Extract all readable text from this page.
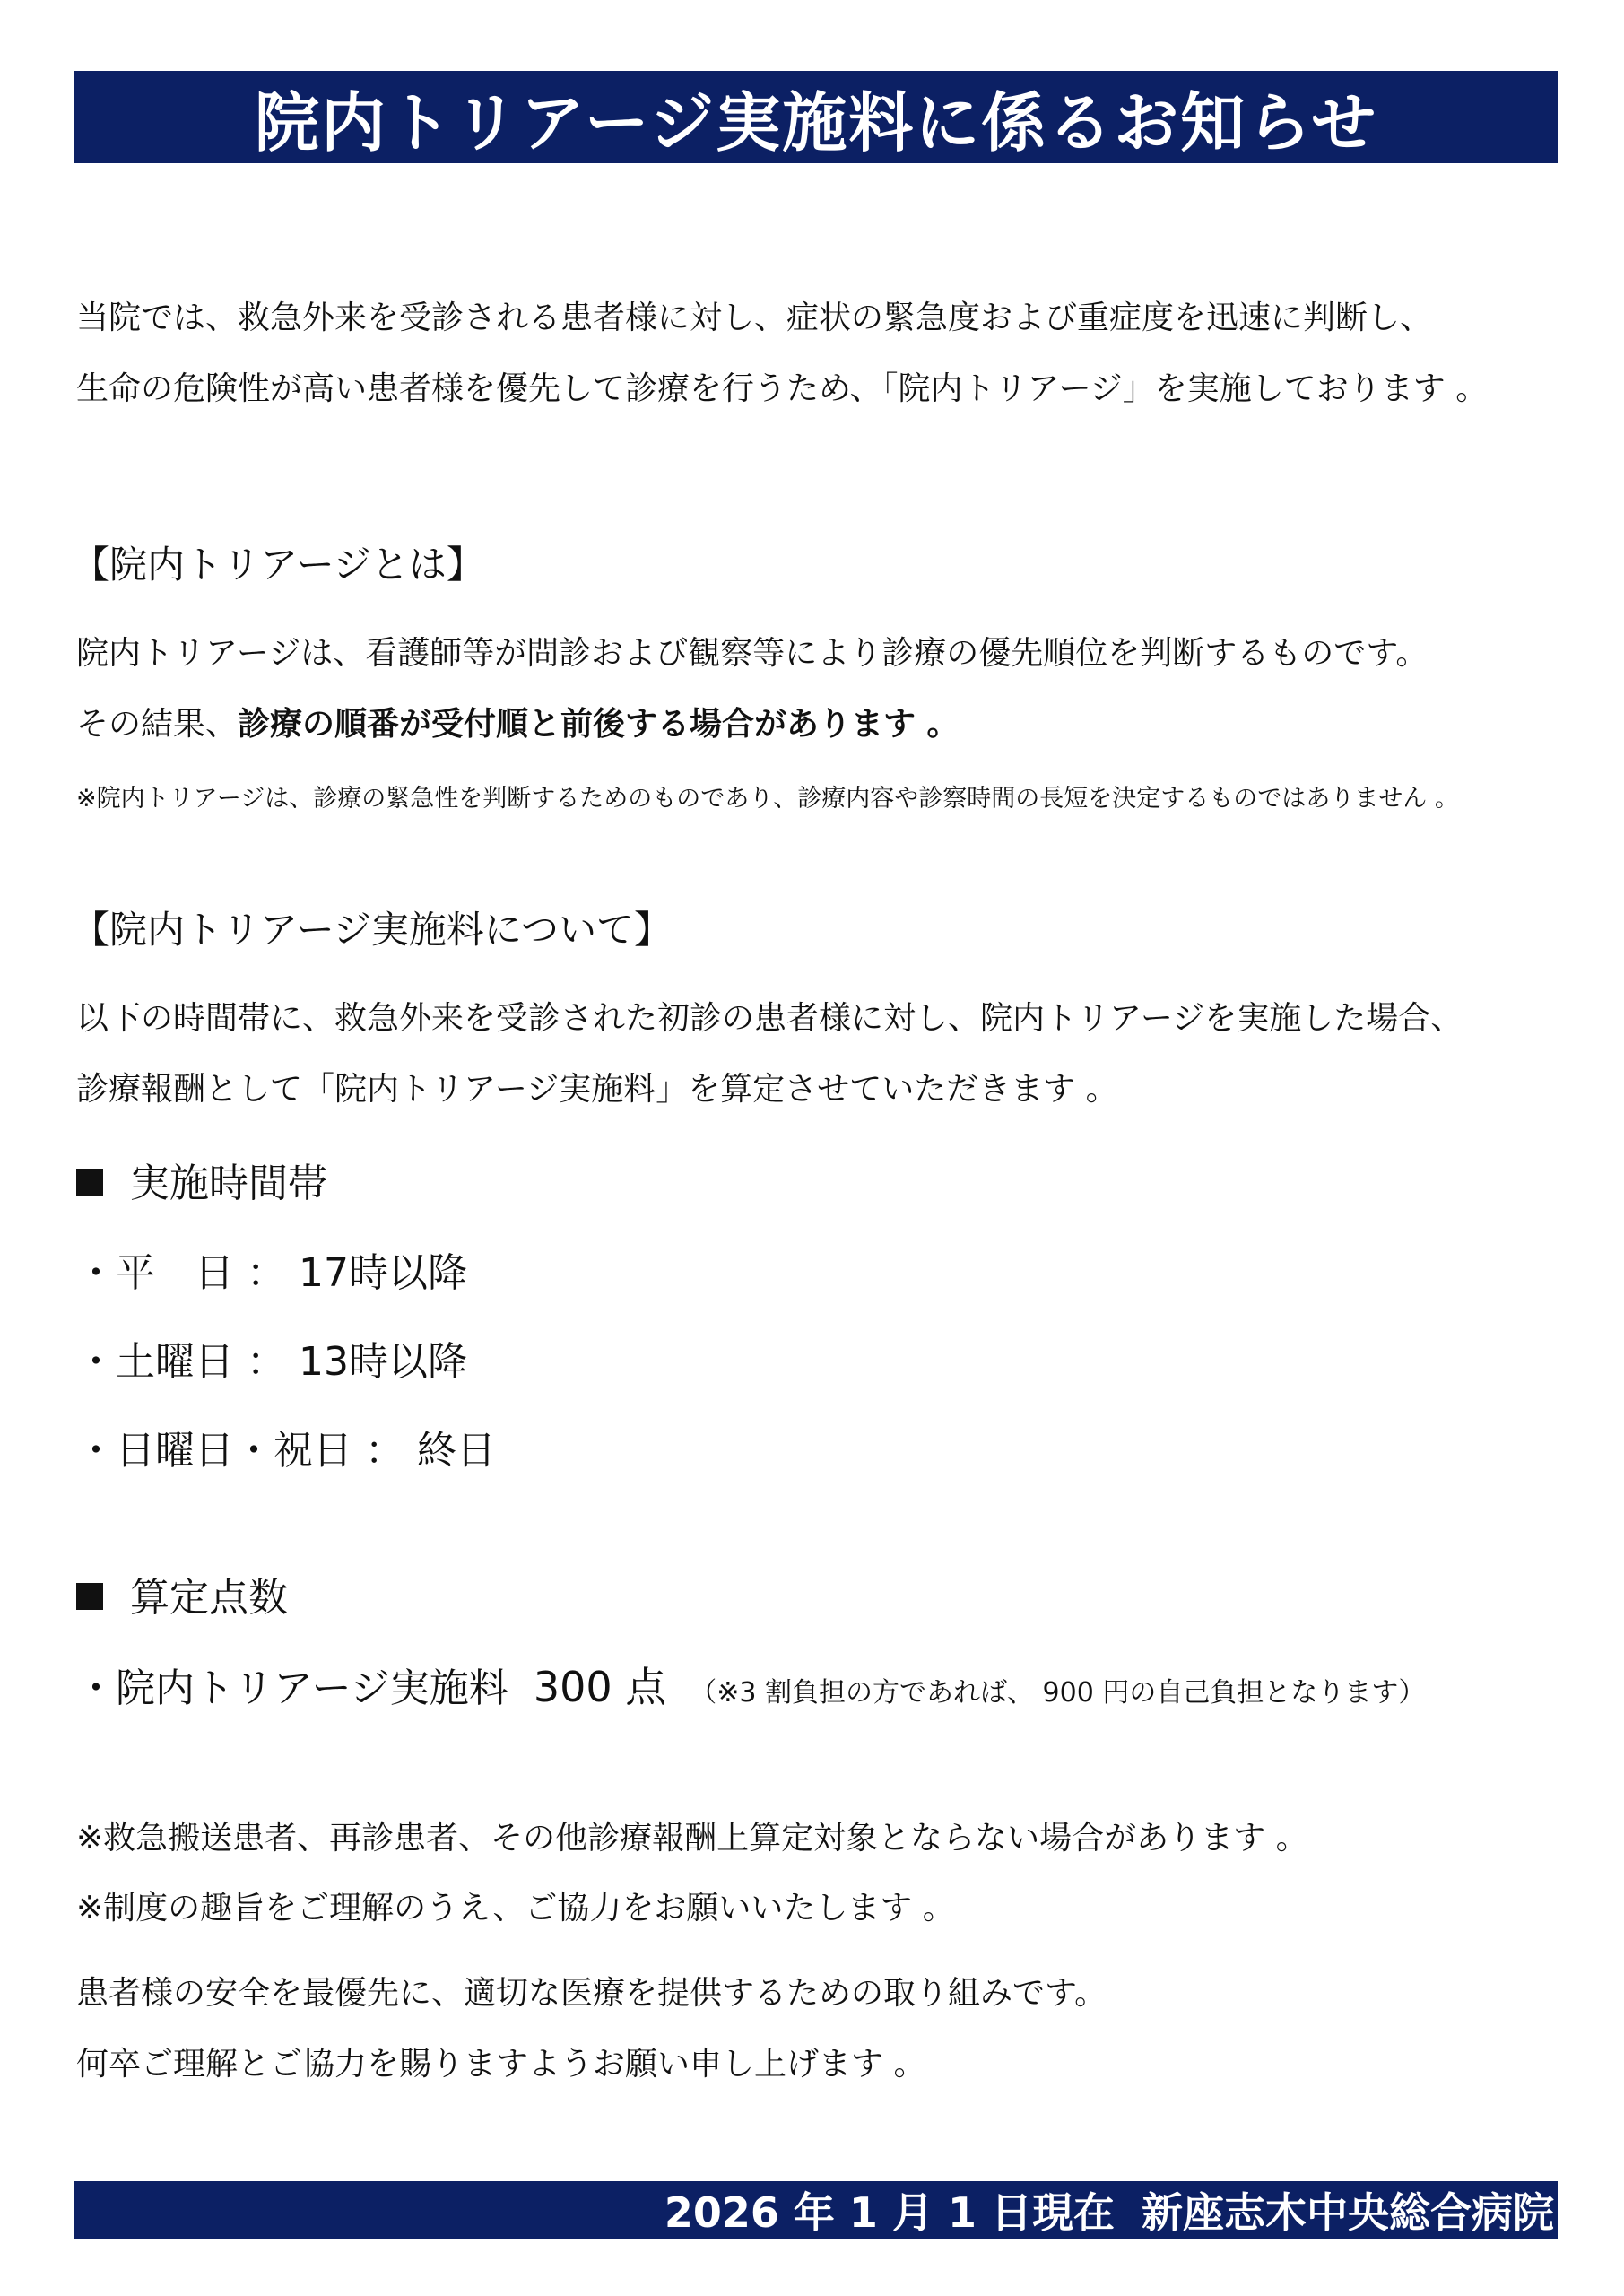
院内トリアージ実施料に係るお知らせ
当院では、救急外来を受診される患者様に対し、症状の緊急度および重症度を迅速に判断し、
生命の危険性が高い患者様を優先して診療を行うため、「院内トリアージ」を実施しております 。
【院内トリアージとは】
院内トリアージは、看護師等が問診および観察等により診療の優先順位を判断するものです。
その結果、診療の順番が受付順と前後する場合があります 。
※院内トリアージは、診療の緊急性を判断するためのものであり、診療内容や診察時間の長短を決定するものではありません 。
【院内トリアージ実施料について】
以下の時間帯に、救急外来を受診された初診の患者様に対し、院内トリアージを実施した場合、
診療報酬として「院内トリアージ実施料」を算定させていただきます 。
実施時間帯
・平　日 ： 17時以降
・土曜日 ： 13時以降
・日曜日・祝日 ： 終日
算定点数
・院内トリアージ実施料 300 点 （※3 割負担の方であれば、 900 円の自己負担となります）
※救急搬送患者、再診患者、その他診療報酬上算定対象とならない場合があります 。
※制度の趣旨をご理解のうえ、ご協力をお願いいたします 。
患者様の安全を最優先に、適切な医療を提供するための取り組みです。
何卒ご理解とご協力を賜りますようお願い申し上げます 。
2026 年 1 月 1 日現在 新座志木中央総合病院
